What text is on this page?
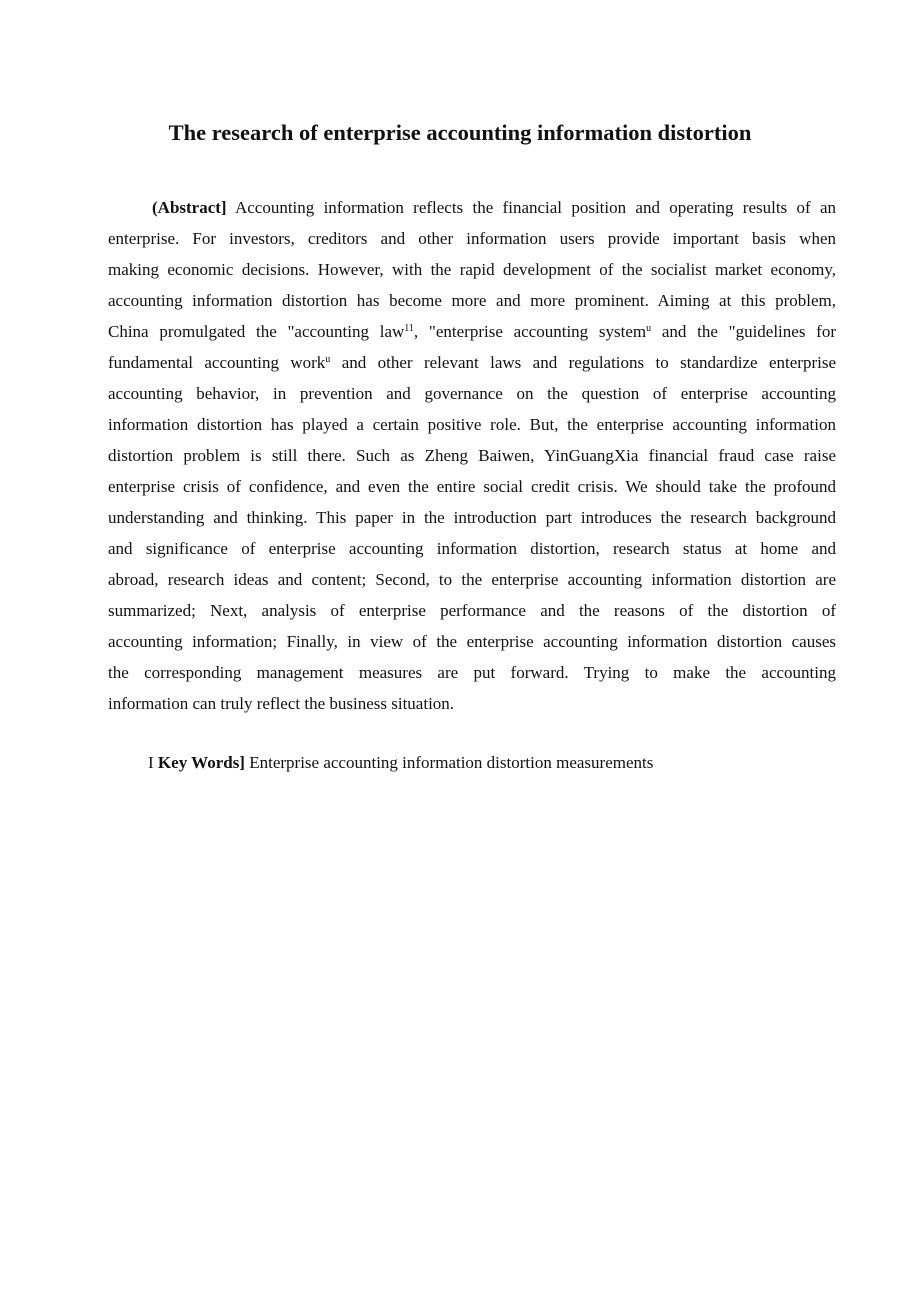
The research of enterprise accounting information distortion
(Abstract] Accounting information reflects the financial position and operating results of an
enterprise. For investors, creditors and other information users provide important basis when
making economic decisions. However, with the rapid development of the socialist market economy,
accounting information distortion has become more and more prominent. Aiming at this problem,
China promulgated the "accounting law$^{11}$, "enterprise accounting system$^u$ and the "guidelines for
fundamental accounting work$^u$ and other relevant laws and regulations to standardize enterprise
accounting behavior, in prevention and governance on the question of enterprise accounting
information distortion has played a certain positive role. But, the enterprise accounting information
distortion problem is still there. Such as Zheng Baiwen, YinGuangXia financial fraud case raise
enterprise crisis of confidence, and even the entire social credit crisis. We should take the profound
understanding and thinking. This paper in the introduction part introduces the research background
and significance of enterprise accounting information distortion, research status at home and
abroad, research ideas and content; Second, to the enterprise accounting information distortion are
summarized; Next, analysis of enterprise performance and the reasons of the distortion of
accounting information; Finally, in view of the enterprise accounting information distortion causes
the corresponding management measures are put forward. Trying to make the accounting
information can truly reflect the business situation.
I Key Words] Enterprise accounting information distortion measurements
